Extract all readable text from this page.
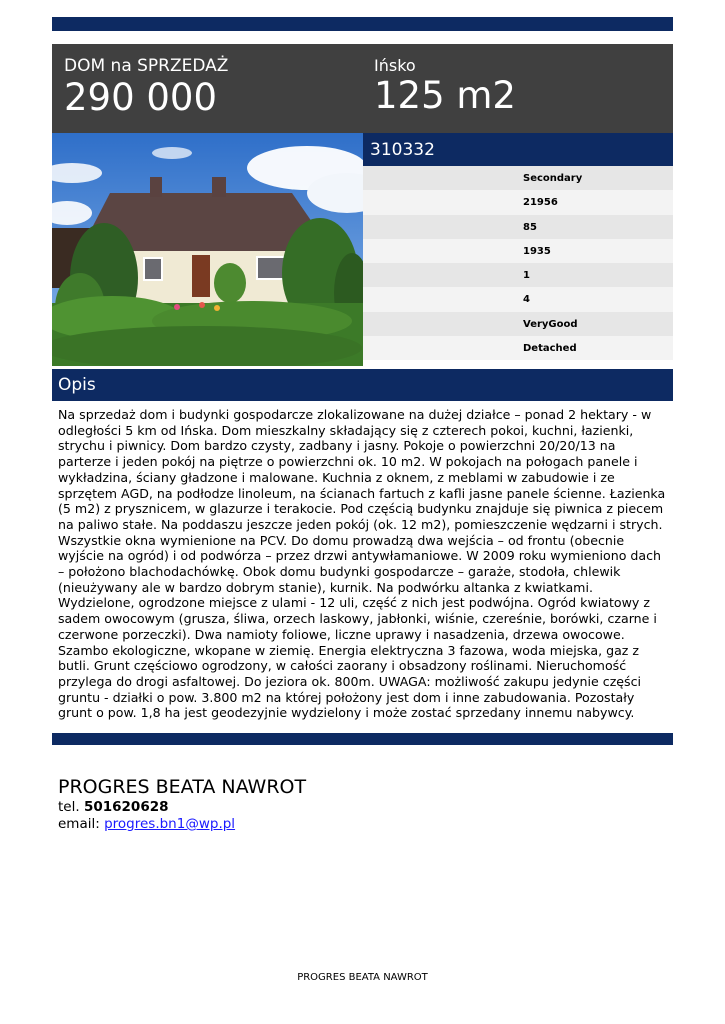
DOM na SPRZEDAŻ
290 000
Ińsko
125 m2
310332
Secondary
21956
85
1935
1
4
VeryGood
Detached
Opis
Na sprzedaż dom i budynki gospodarcze zlokalizowane na dużej działce – ponad 2 hektary - w odległości 5 km od Ińska. Dom mieszkalny składający się z czterech pokoi, kuchni, łazienki, strychu i piwnicy. Dom bardzo czysty, zadbany i jasny. Pokoje o powierzchni 20/20/13 na parterze i jeden pokój na piętrze o powierzchni ok. 10 m2. W pokojach na połogach panele i wykładzina, ściany gładzone i malowane. Kuchnia z oknem, z meblami w zabudowie i ze sprzętem AGD, na podłodze linoleum, na ścianach fartuch z kafli jasne panele ścienne. Łazienka (5 m2) z prysznicem, w glazurze i terakocie. Pod częścią budynku znajduje się piwnica z piecem na paliwo stałe. Na poddaszu jeszcze jeden pokój (ok. 12 m2), pomieszczenie wędzarni i strych. Wszystkie okna wymienione na PCV. Do domu prowadzą dwa wejścia – od frontu (obecnie wyjście na ogród) i od podwórza – przez drzwi antywłamaniowe. W 2009 roku wymieniono dach – położono blachodachówkę. Obok domu budynki gospodarcze – garaże, stodoła, chlewik (nieużywany ale w bardzo dobrym stanie), kurnik. Na podwórku altanka z kwiatkami. Wydzielone, ogrodzone miejsce z ulami - 12 uli, część z nich jest podwójna. Ogród kwiatowy z sadem owocowym (grusza, śliwa, orzech laskowy, jabłonki, wiśnie, czereśnie, borówki, czarne i czerwone porzeczki). Dwa namioty foliowe, liczne uprawy i nasadzenia, drzewa owocowe. Szambo ekologiczne, wkopane w ziemię. Energia elektryczna 3 fazowa, woda miejska, gaz z butli. Grunt częściowo ogrodzony, w całości zaorany i obsadzony roślinami. Nieruchomość przylega do drogi asfaltowej. Do jeziora ok. 800m. UWAGA: możliwość zakupu jedynie części gruntu - działki o pow. 3.800 m2 na której położony jest dom i inne zabudowania. Pozostały grunt o pow. 1,8 ha jest geodezyjnie wydzielony i może zostać sprzedany innemu nabywcy.
PROGRES BEATA NAWROT
tel. 501620628
email: progres.bn1@wp.pl
PROGRES BEATA NAWROT
